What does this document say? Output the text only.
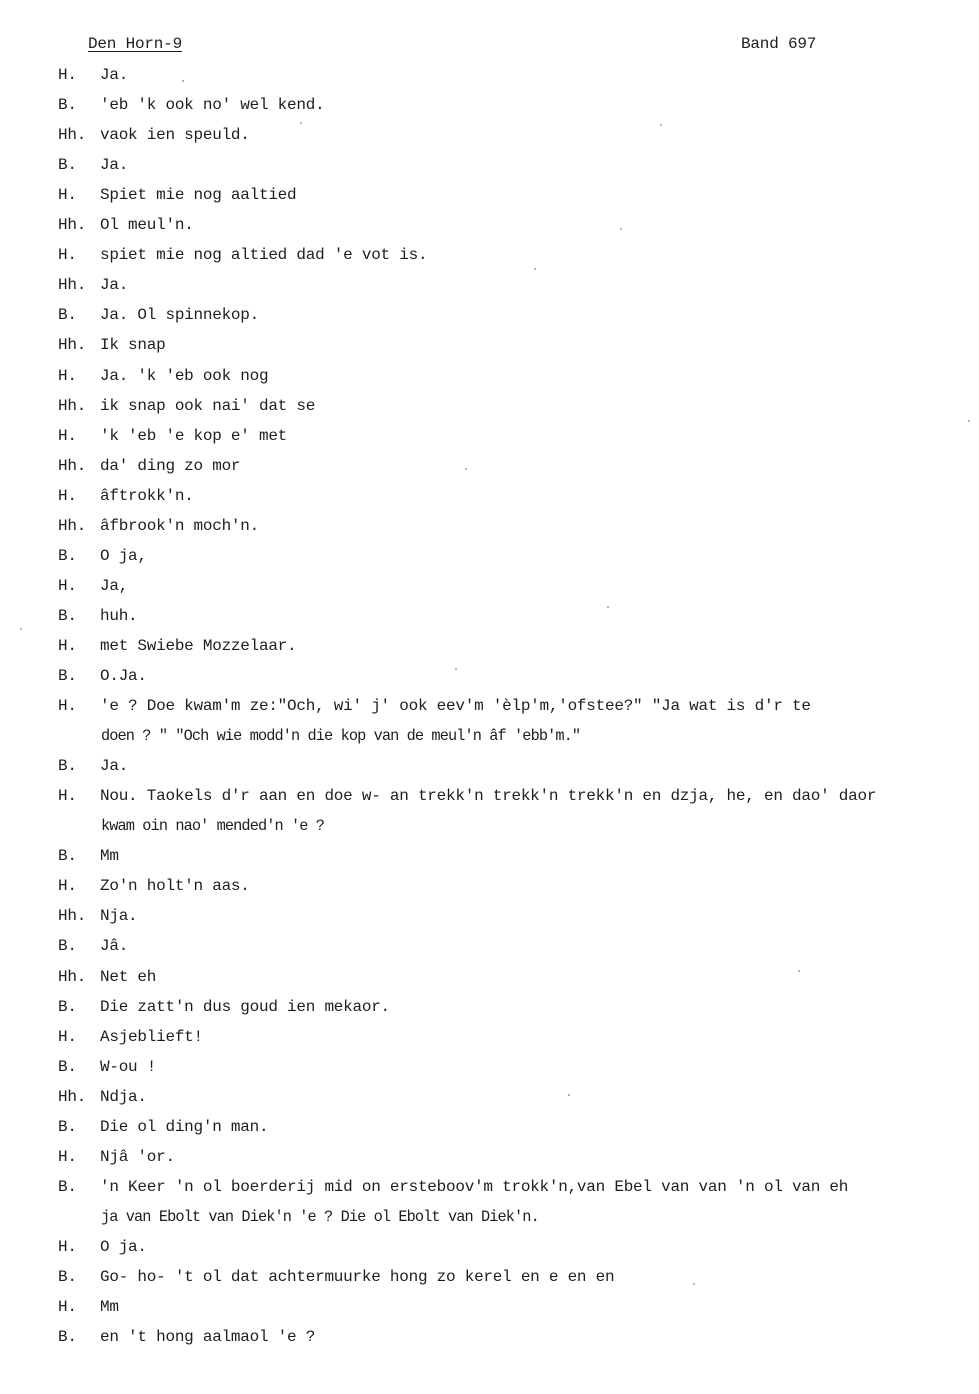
Den Horn-9	Band 697
H. Ja.
B. 'eb 'k ook no' wel kend.
Hh. vaok ien speuld.
B. Ja.
H. Spiet mie nog aaltied
Hh. Ol meul'n.
H. spiet mie nog altied dad 'e vot is.
Hh. Ja.
B. Ja. Ol spinnekop.
Hh. Ik snap
H. Ja. 'k 'eb ook nog
Hh. ik snap ook nai' dat se
H. 'k 'eb 'e kop e' met
Hh. da' ding zo mor
H. âftrokk'n.
Hh. âfbrook'n moch'n.
B. O ja,
H. Ja,
B. huh.
H. met Swiebe Mozzelaar.
B. O.Ja.
H. 'e ? Doe kwam'm ze:"Och, wi' j' ook eev'm 'èlp'm,'ofstee?" "Ja wat is d'r te
doen ? " "Och wie modd'n die kop van de meul'n âf 'ebb'm."
B. Ja.
H. Nou. Taokels d'r aan en doe w- an trekk'n trekk'n trekk'n en dzja, he, en dao' daor
kwam oin nao' mended'n 'e ?
B. Mm
H. Zo'n holt'n aas.
Hh. Nja.
B. Jâ.
Hh. Net eh
B. Die zatt'n dus goud ien mekaor.
H. Asjeblieft!
B. W-ou !
Hh. Ndja.
B. Die ol ding'n man.
H. Njâ 'or.
B. 'n Keer 'n ol boerderij mid on ersteboov'm trokk'n,van Ebel van van 'n ol van eh
ja van Ebolt van Diek'n 'e ? Die ol Ebolt van Diek'n.
H. O ja.
B. Go- ho- 't ol dat achtermuurke hong zo kerel en e en en
H. Mm
B. en 't hong aalmaol 'e ?
